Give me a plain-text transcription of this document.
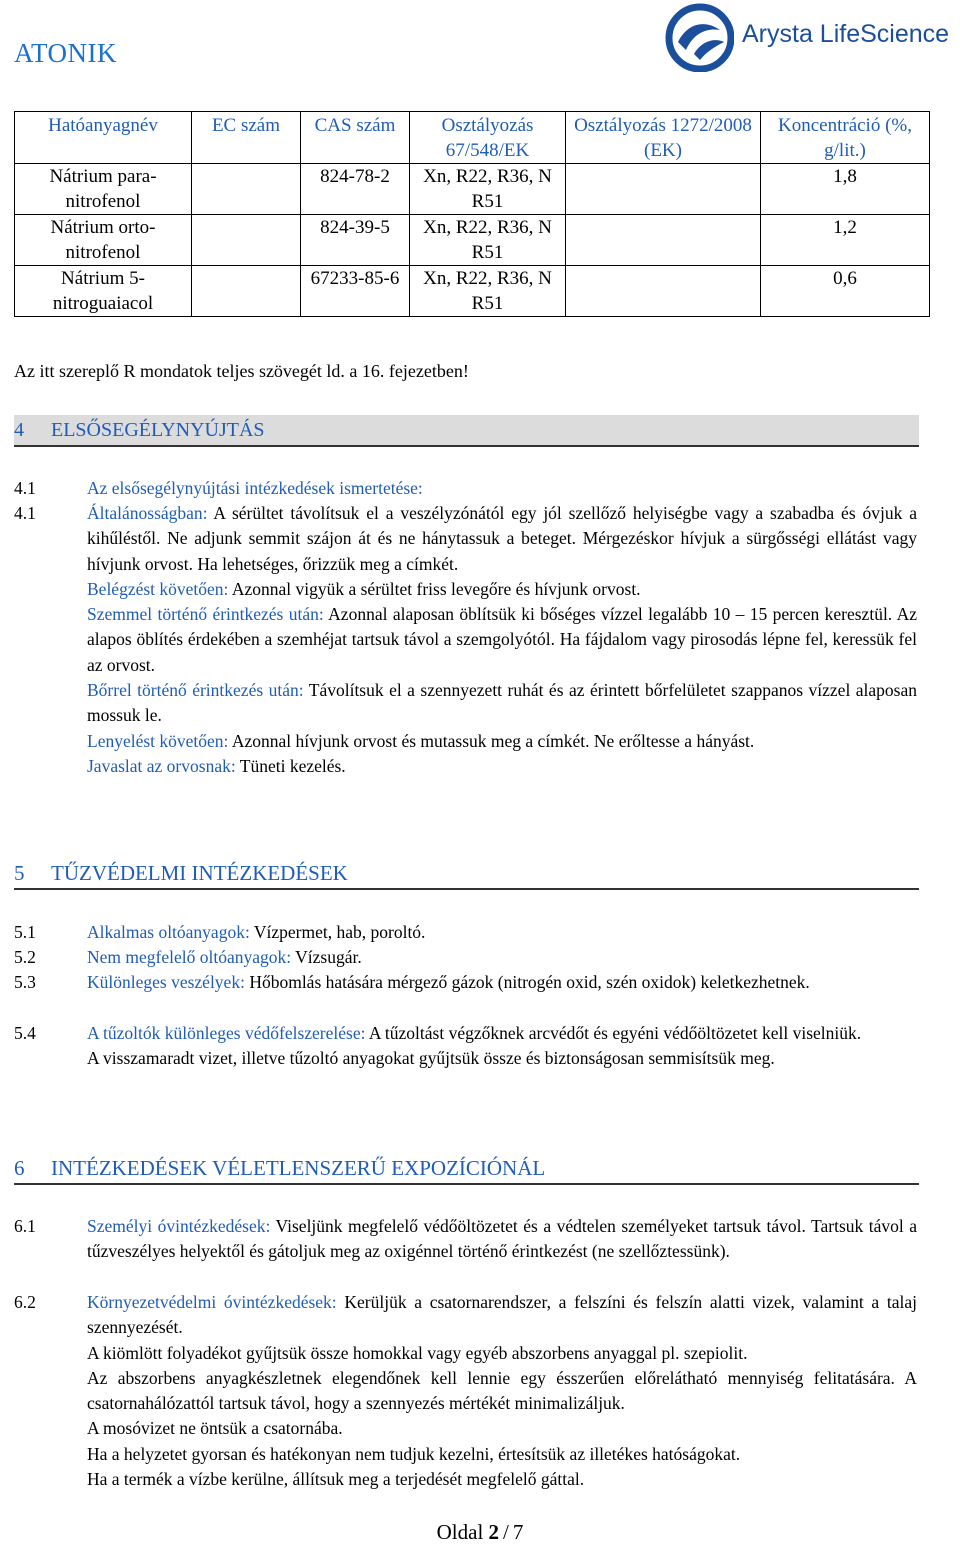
ATONIK
Arysta LifeScience
Hatóanyagnév	EC szám	CAS szám	Osztályozás 67/548/EK	Osztályozás 1272/2008 (EK)	Koncentráció (%, g/lit.)
Nátrium para-nitrofenol		824-78-2	Xn, R22, R36, N R51		1,8
Nátrium orto-nitrofenol		824-39-5	Xn, R22, R36, N R51		1,2
Nátrium 5-nitroguaiacol		67233-85-6	Xn, R22, R36, N R51		0,6
Az itt szereplő R mondatok teljes szövegét ld. a 16. fejezetben!
4 ELSŐSEGÉLYNYÚJTÁS
4.1	Az elsősegélynyújtási intézkedések ismertetése:
4.1	Általánosságban: A sérültet távolítsuk el a veszélyzónától egy jól szellőző helyiségbe vagy a szabadba és óvjuk a kihűléstől. Ne adjunk semmit szájon át és ne hánytassuk a beteget. Mérgezéskor hívjuk a sürgősségi ellátást vagy hívjunk orvost. Ha lehetséges, őrizzük meg a címkét.

Belégzést követően: Azonnal vigyük a sérültet friss levegőre és hívjunk orvost.

Szemmel történő érintkezés után: Azonnal alaposan öblítsük ki bőséges vízzel legalább 10 – 15 percen keresztül. Az alapos öblítés érdekében a szemhéjat tartsuk távol a szemgolyótól. Ha fájdalom vagy pirosodás lépne fel, keressük fel az orvost.

Bőrrel történő érintkezés után: Távolítsuk el a szennyezett ruhát és az érintett bőrfelületet szappanos vízzel alaposan mossuk le.

Lenyelést követően: Azonnal hívjunk orvost és mutassuk meg a címkét. Ne erőltesse a hányást.

Javaslat az orvosnak: Tüneti kezelés.

5 TŰZVÉDELMI INTÉZKEDÉSEK
5.1	Alkalmas oltóanyagok: Vízpermet, hab, poroltó.
5.2	Nem megfelelő oltóanyagok: Vízsugár.
5.3	Különleges veszélyek: Hőbomlás hatására mérgező gázok (nitrogén oxid, szén oxidok) keletkezhetnek.
5.4	A tűzoltók különleges védőfelszerelése: A tűzoltást végzőknek arcvédőt és egyéni védőöltözetet kell viselniük.

A visszamaradt vizet, illetve tűzoltó anyagokat gyűjtsük össze és biztonságosan semmisítsük meg.

6 INTÉZKEDÉSEK VÉLETLENSZERŰ EXPOZÍCIÓNÁL
6.1	Személyi óvintézkedések: Viseljünk megfelelő védőöltözetet és a védtelen személyeket tartsuk távol. Tartsuk távol a tűzveszélyes helyektől és gátoljuk meg az oxigénnel történő érintkezést (ne szellőztessünk).
6.2	Környezetvédelmi óvintézkedések: Kerüljük a csatornarendszer, a felszíni és felszín alatti vizek, valamint a talaj szennyezését.

A kiömlött folyadékot gyűjtsük össze homokkal vagy egyéb abszorbens anyaggal pl. szepiolit.

Az abszorbens anyagkészletnek elegendőnek kell lennie egy ésszerűen előrelátható mennyiség felitatására. A csatornahálózattól tartsuk távol, hogy a szennyezés mértékét minimalizáljuk.

A mosóvizet ne öntsük a csatornába.

Ha a helyzetet gyorsan és hatékonyan nem tudjuk kezelni, értesítsük az illetékes hatóságokat.

Ha a termék a vízbe kerülne, állítsuk meg a terjedését megfelelő gáttal.

Oldal 2 / 7
